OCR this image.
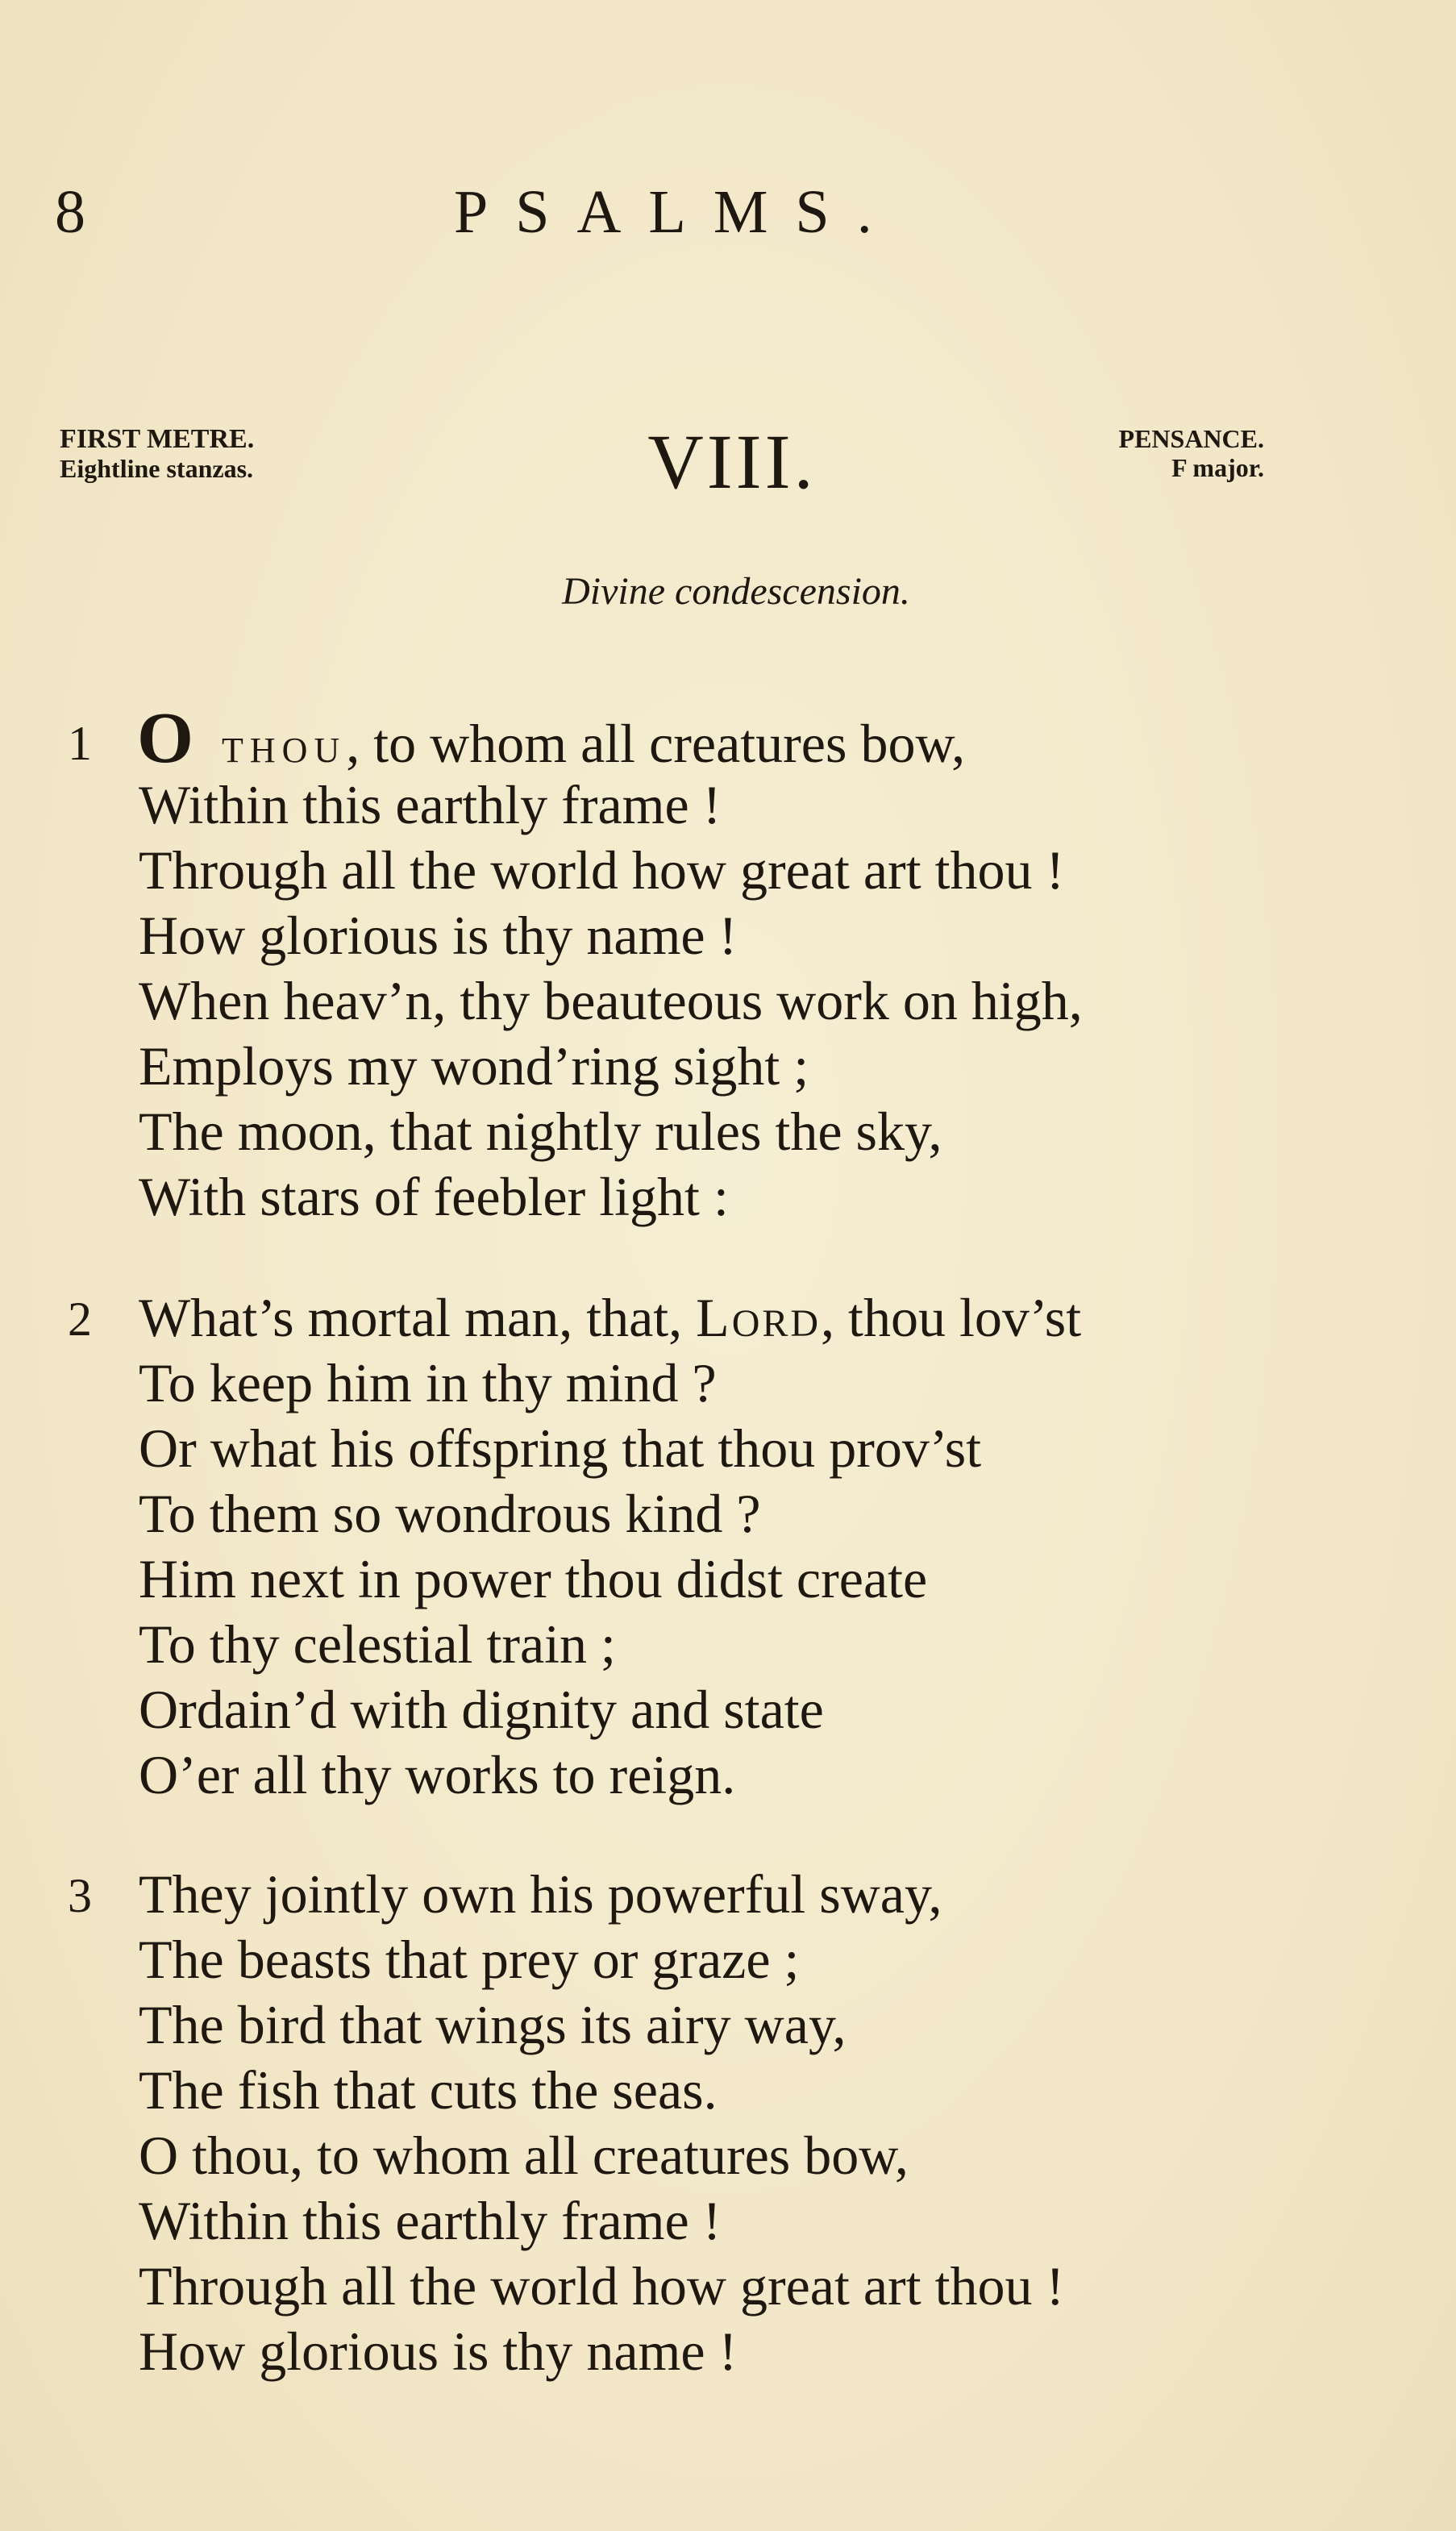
8	PSALMS.
FIRST METRE.
Eightline stanzas.	VIII.	PENSANCE.
F major.
Divine condescension.
1 O THOU, to whom all creatures bow,
Within this earthly frame !
Through all the world how great art thou !
How glorious is thy name !
When heav’n, thy beauteous work on high,
Employs my wond’ring sight ;
The moon, that nightly rules the sky,
With stars of feebler light :
2 What’s mortal man, that, Lord, thou lov’st
To keep him in thy mind ?
Or what his offspring that thou prov’st
To them so wondrous kind ?
Him next in power thou didst create
To thy celestial train ;
Ordain’d with dignity and state
O’er all thy works to reign.
3 They jointly own his powerful sway,
The beasts that prey or graze ;
The bird that wings its airy way,
The fish that cuts the seas.
O thou, to whom all creatures bow,
Within this earthly frame !
Through all the world how great art thou !
How glorious is thy name !
